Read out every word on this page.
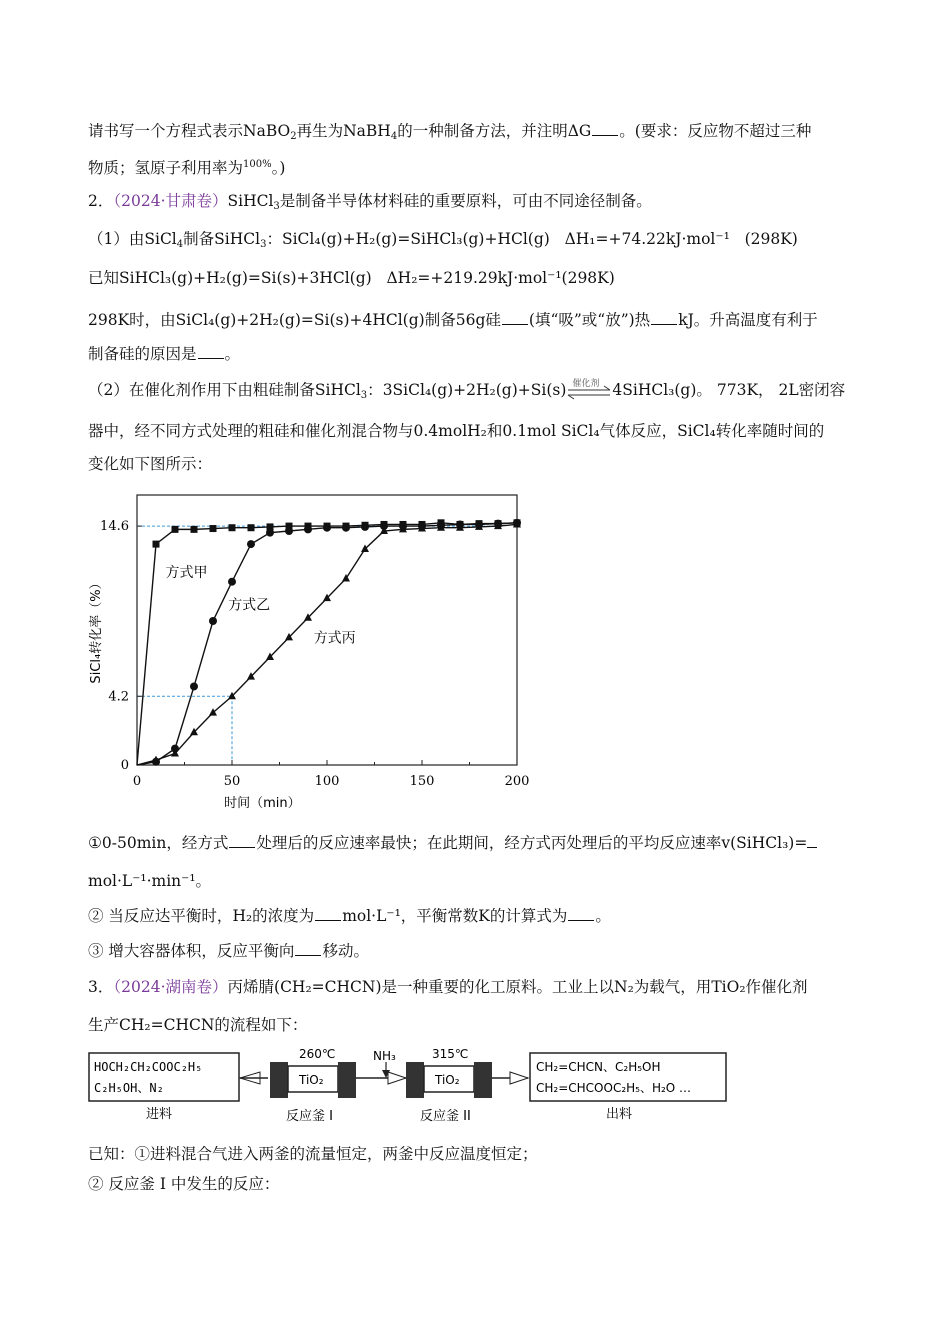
请书写一个方程式表示NaBO$_2$再生为NaBH$_4$的一种制备方法，并注明ΔG 。(要求：反应物不超过三种
物质；氢原子利用率为$^{100\%}$。)
2．（2024·甘肃卷）SiHCl$_3$是制备半导体材料硅的重要原料，可由不同途径制备。
（1）由SiCl$_4$制备SiHCl$_3$：SiCl₄(g)+H₂(g)=SiHCl₃(g)+HCl(g) ΔH₁=+74.22kJ·mol⁻¹ (298K)
已知SiHCl₃(g)+H₂(g)=Si(s)+3HCl(g) ΔH₂=+219.29kJ·mol⁻¹(298K)
298K时，由SiCl₄(g)+2H₂(g)=Si(s)+4HCl(g)制备56g硅 (填“吸”或“放”)热 kJ。升高温度有利于
制备硅的原因是 。
（2）在催化剂作用下由粗硅制备SiHCl$_3$：3SiCl₄(g)+2H₂(g)+Si(s) 催化剂 4SiHCl₃(g)。 773K， 2L密闭容
器中，经不同方式处理的粗硅和催化剂混合物与0.4molH₂和0.1mol SiCl₄气体反应，SiCl₄转化率随时间的
变化如下图所示：
0	50	100	150	200
0
4.2
14.6
时间（min）
SiCl₄转化率（%）
方式甲
方式乙
方式丙
①0-50min，经方式 处理后的反应速率最快；在此期间，经方式丙处理后的平均反应速率v(SiHCl₃)=
mol·L⁻¹·min⁻¹。
② 当反应达平衡时，H₂的浓度为 mol·L⁻¹，平衡常数K的计算式为 。
③ 增大容器体积，反应平衡向 移动。
3．（2024·湖南卷）丙烯腈(CH₂=CHCN)是一种重要的化工原料。工业上以N₂为载气，用TiO₂作催化剂
生产CH₂=CHCN的流程如下：
HOCH₂CH₂COOC₂H₅
C₂H₅OH、N₂
进料
260℃
TiO₂
反应釜 I
NH₃	315℃
TiO₂
反应釜 II
CH₂=CHCN、C₂H₅OH
CH₂=CHCOOC₂H₅、H₂O …
出料
已知：①进料混合气进入两釜的流量恒定，两釜中反应温度恒定；
② 反应釜 I 中发生的反应：
